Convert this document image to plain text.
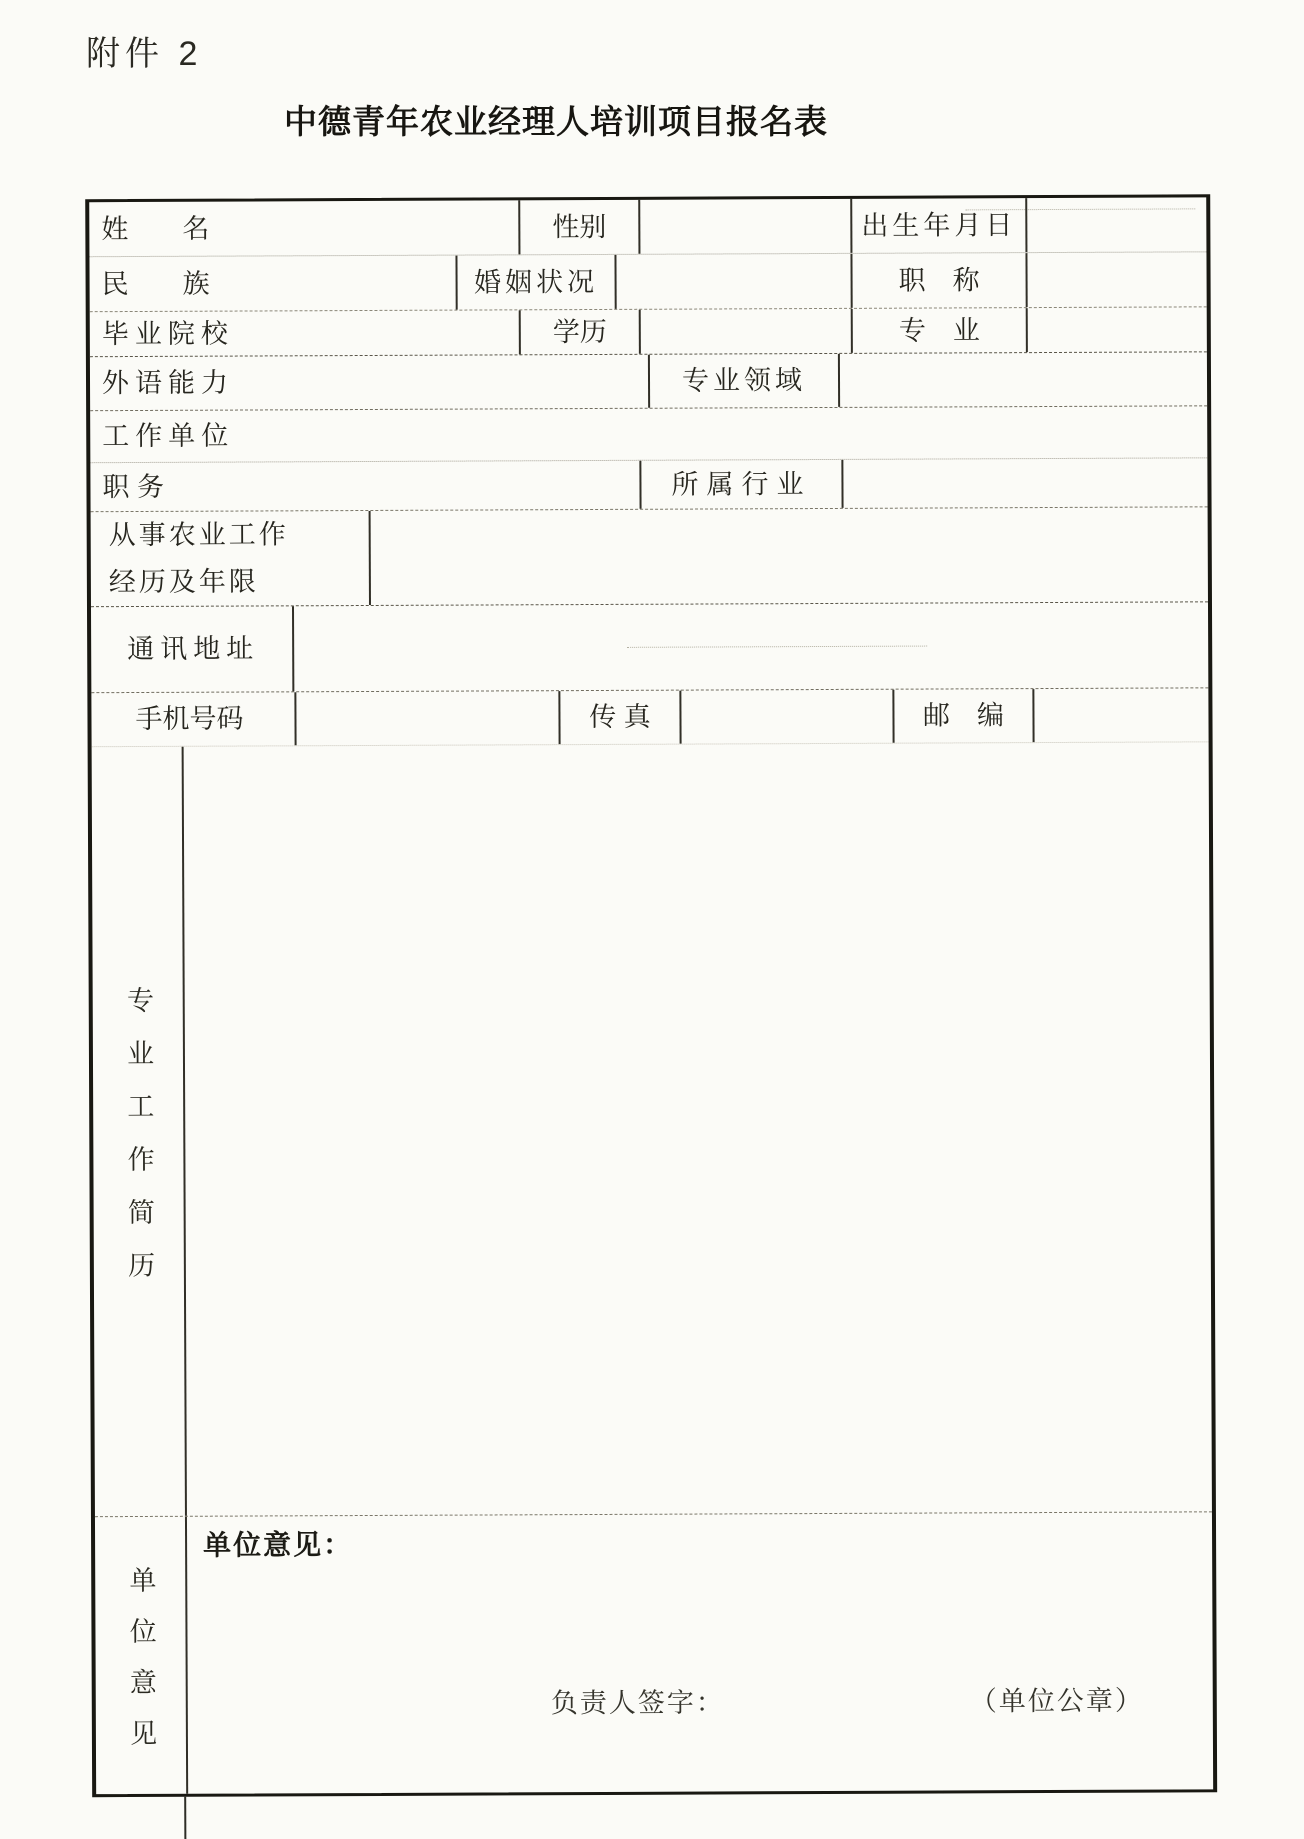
附件 2
中德青年农业经理人培训项目报名表
姓　　名	性别	出生年月日
民　　族	婚姻状况	职　称
毕业院校	学历	专　业
外语能力	专业领域
工作单位
职 务	所属行业
从事农业工作经历及年限
通讯地址
手机号码	传 真	邮　编
专业工作简历
单位意见
单位意见：
负责人签字：	（单位公章）
